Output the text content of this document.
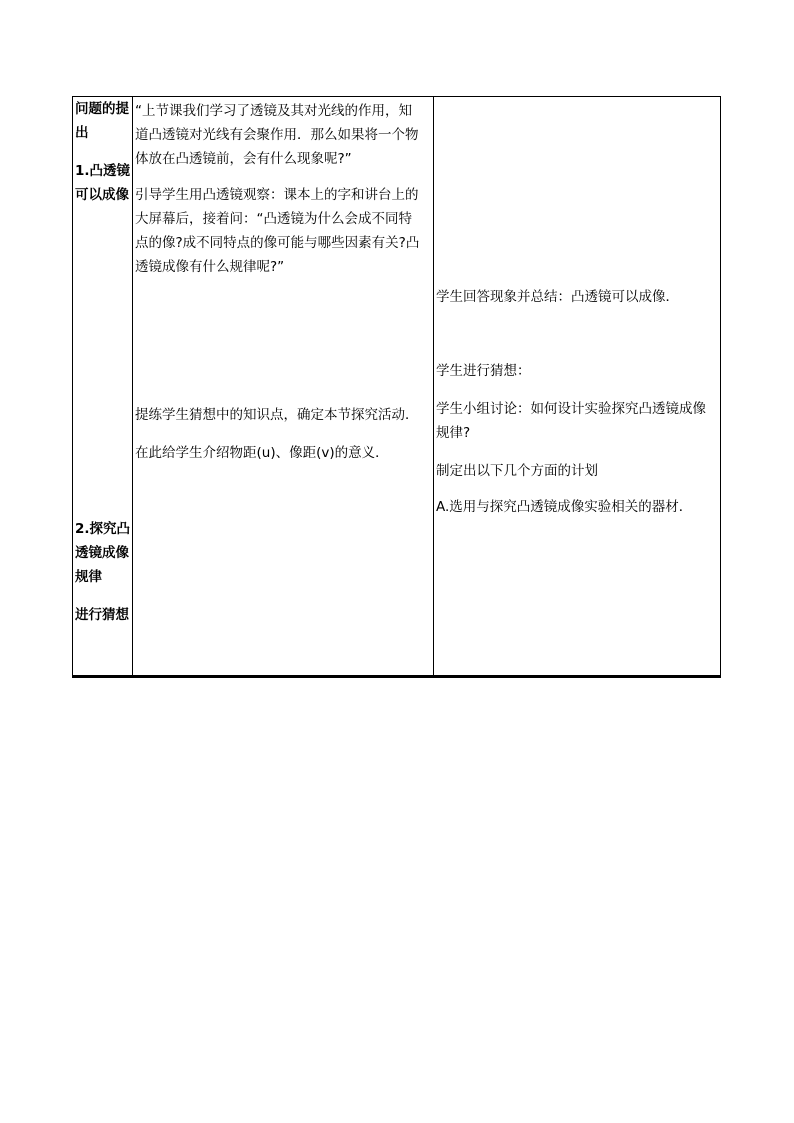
问题的提
出
1.凸透镜
可以成像
2.探究凸
透镜成像
规律
进行猜想
“上节课我们学习了透镜及其对光线的作用，知
道凸透镜对光线有会聚作用．那么如果将一个物
体放在凸透镜前，会有什么现象呢?”
引导学生用凸透镜观察：课本上的字和讲台上的
大屏幕后，接着问：“凸透镜为什么会成不同特
点的像?成不同特点的像可能与哪些因素有关?凸
透镜成像有什么规律呢?”
提练学生猜想中的知识点，确定本节探究活动．
在此给学生介绍物距(u)、像距(v)的意义．
学生回答现象并总结：凸透镜可以成像．
学生进行猜想：
学生小组讨论：如何设计实验探究凸透镜成像
规律?
制定出以下几个方面的计划
A.选用与探究凸透镜成像实验相关的器材．
